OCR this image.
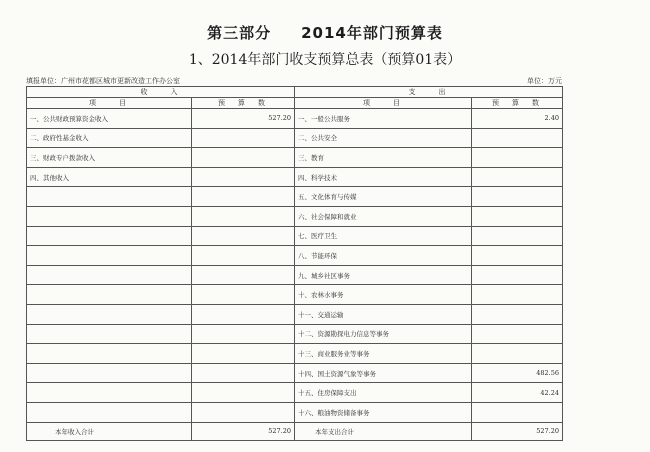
第三部分 2014年部门预算表
1、2014年部门收支预算总表（预算01表）
填报单位：广州市花都区城市更新改造工作办公室	单位：万元
收　　入		支　　出	
项　　目	预　算　数	项　　目	预　算　数
一、公共财政预算资金收入	527.20	一、一般公共服务	2.40
二、政府性基金收入		二、公共安全	
三、财政专户拨款收入		三、教育	
四、其他收入		四、科学技术	
		五、文化体育与传媒	
		六、社会保障和就业	
		七、医疗卫生	
		八、节能环保	
		九、城乡社区事务	
		十、农林水事务	
		十一、交通运输	
		十二、资源勘探电力信息等事务	
		十三、商业服务业等事务	
		十四、国土资源气象等事务	482.56
		十五、住房保障支出	42.24
		十六、粮油物资储备事务	
本年收入合计	527.20	本年支出合计	527.20
